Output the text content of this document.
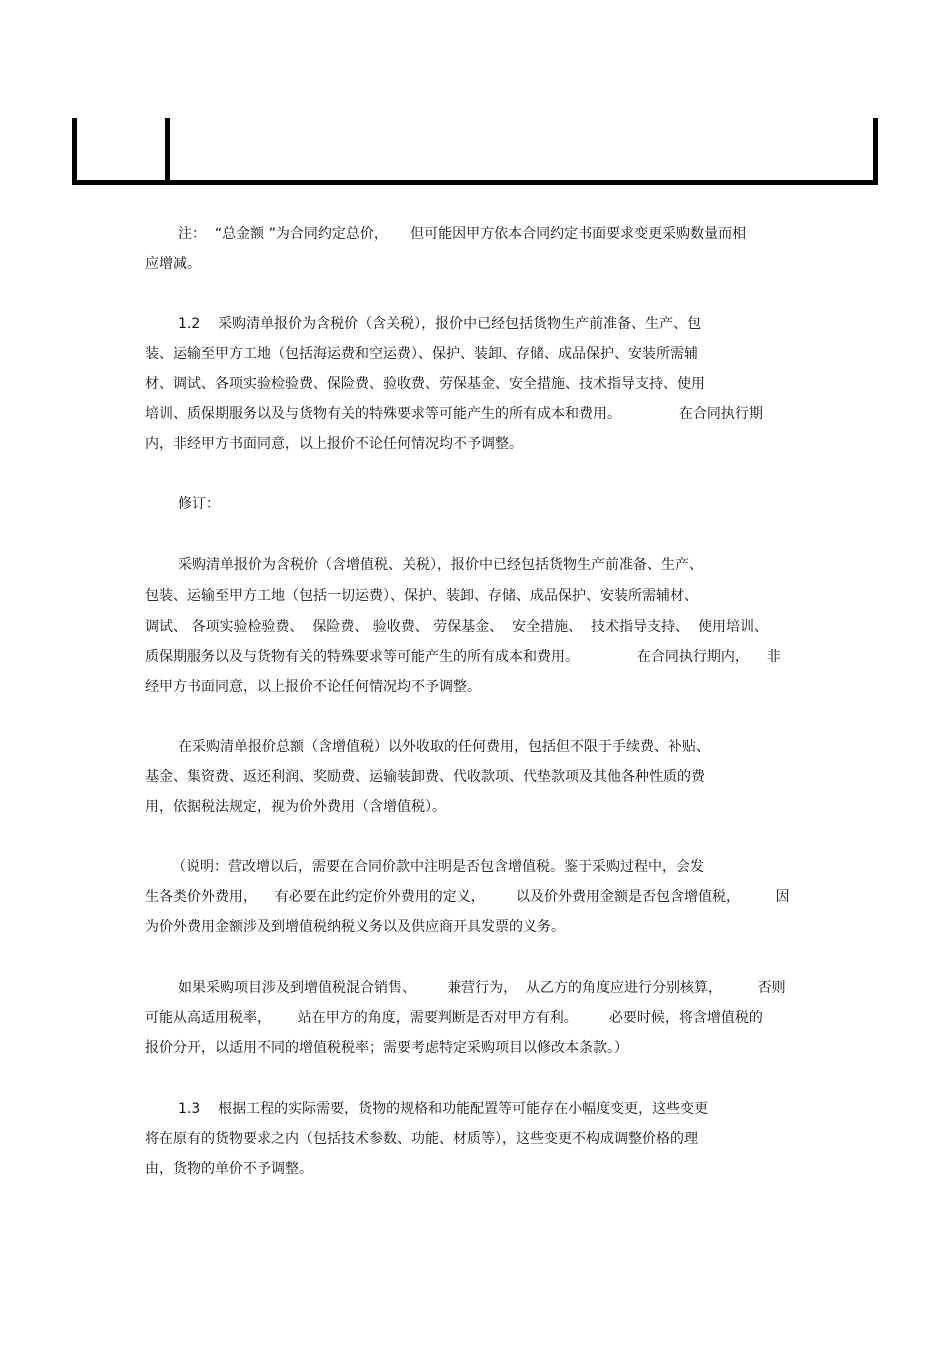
注：  “总金额 ”为合同约定总价，     但可能因甲方依本合同约定书面要求变更采购数量而相
应增减。
1.2    采购清单报价为含税价（含关税），报价中已经包括货物生产前准备、生产、包
装、运输至甲方工地（包括海运费和空运费）、保护、装卸、存储、成品保护、安装所需辅
材、调试、各项实验检验费、保险费、验收费、劳保基金、安全措施、技术指导支持、使用
培训、质保期服务以及与货物有关的特殊要求等可能产生的所有成本和费用。             在合同执行期
内，非经甲方书面同意，以上报价不论任何情况均不予调整。
修订：
采购清单报价为含税价（含增值税、关税），报价中已经包括货物生产前准备、生产、
包装、运输至甲方工地（包括一切运费）、保护、装卸、存储、成品保护、安装所需辅材、
调试、 各项实验检验费、  保险费、 验收费、 劳保基金、  安全措施、  技术指导支持、  使用培训、
质保期服务以及与货物有关的特殊要求等可能产生的所有成本和费用。             在合同执行期内，    非
经甲方书面同意，以上报价不论任何情况均不予调整。
在采购清单报价总额（含增值税）以外收取的任何费用，包括但不限于手续费、补贴、
基金、集资费、返还利润、奖励费、运输装卸费、代收款项、代垫款项及其他各种性质的费
用，依据税法规定，视为价外费用（含增值税）。
（说明：营改增以后，需要在合同价款中注明是否包含增值税。鉴于采购过程中，会发
生各类价外费用，    有必要在此约定价外费用的定义，       以及价外费用金额是否包含增值税，        因
为价外费用金额涉及到增值税纳税义务以及供应商开具发票的义务。
如果采购项目涉及到增值税混合销售、       兼营行为，  从乙方的角度应进行分别核算，        否则
可能从高适用税率，      站在甲方的角度，需要判断是否对甲方有利。       必要时候，将含增值税的
报价分开，以适用不同的增值税税率；需要考虑特定采购项目以修改本条款。）
1.3    根据工程的实际需要，货物的规格和功能配置等可能存在小幅度变更，这些变更
将在原有的货物要求之内（包括技术参数、功能、材质等），这些变更不构成调整价格的理
由，货物的单价不予调整。
